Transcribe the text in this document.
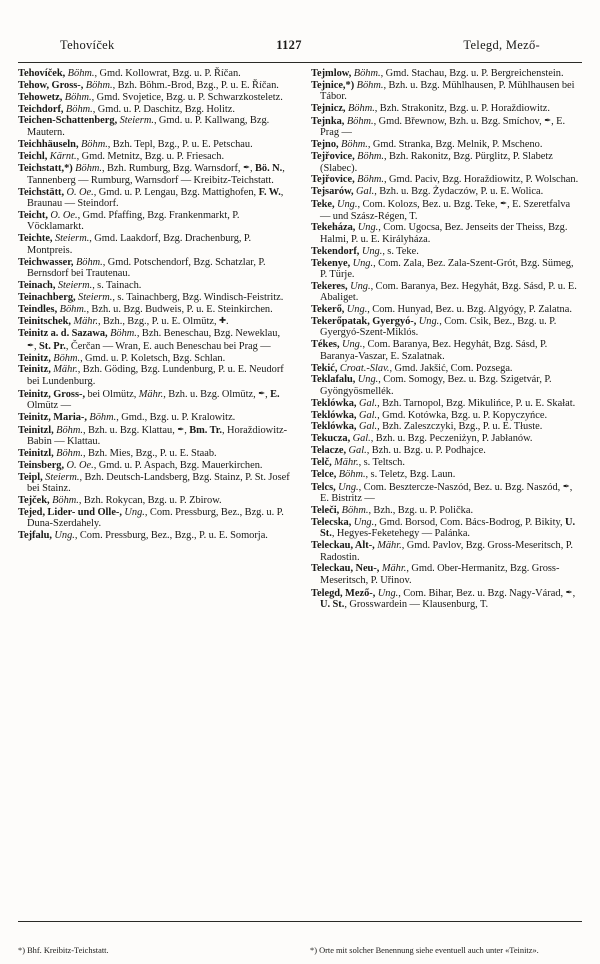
Tehovíček	1127	Telegd, Mező-

Tehovíček, Böhm., Gmd. Kollowrat, Bzg. u. P. Říčan.

Tehow, Gross-, Böhm., Bzh. Böhm.-Brod, Bzg., P. u. E. Říčan.

Tehowetz, Böhm., Gmd. Svojetice, Bzg. u. P. Schwarzkosteletz.

Teichdorf, Böhm., Gmd. u. P. Daschitz, Bzg. Holitz.

Teichen-Schattenberg, Steierm., Gmd. u. P. Kallwang, Bzg. Mautern.

Teichhäuseln, Böhm., Bzh. Tepl, Bzg., P. u. E. Petschau.

Teichl, Kärnt., Gmd. Metnitz, Bzg. u. P. Friesach.

Teichstatt,*) Böhm., Bzh. Rumburg, Bzg. Warnsdorf, ✒, Bö. N., Tannenberg — Rumburg, Warnsdorf — Kreibitz-Teichstatt.

Teichstätt, O. Oe., Gmd. u. P. Lengau, Bzg. Mattighofen, F. W., Braunau — Steindorf.

Teicht, O. Oe., Gmd. Pfaffing, Bzg. Frankenmarkt, P. Vöcklamarkt.

Teichte, Steierm., Gmd. Laakdorf, Bzg. Drachenburg, P. Montpreis.

Teichwasser, Böhm., Gmd. Potschendorf, Bzg. Schatzlar, P. Bernsdorf bei Trautenau.

Teinach, Steierm., s. Tainach.

Teinachberg, Steierm., s. Tainachberg, Bzg. Windisch-Feistritz.

Teindles, Böhm., Bzh. u. Bzg. Budweis, P. u. E. Steinkirchen.

Teinitschek, Mähr., Bzh., Bzg., P. u. E. Olmütz, ✚.

Teinitz a. d. Sazawa, Böhm., Bzh. Beneschau, Bzg. Neweklau, ✒, St. Pr., Čerčan — Wran, E. auch Beneschau bei Prag —

Teinitz, Böhm., Gmd. u. P. Koletsch, Bzg. Schlan.

Teinitz, Mähr., Bzh. Göding, Bzg. Lundenburg, P. u. E. Neudorf bei Lundenburg.

Teinitz, Gross-, bei Olmütz, Mähr., Bzh. u. Bzg. Olmütz, ✒, E. Olmütz —

Teinitz, Maria-, Böhm., Gmd., Bzg. u. P. Kralowitz.

Teinitzl, Böhm., Bzh. u. Bzg. Klattau, ✒, Bm. Tr., Horaždiowitz-Babin — Klattau.

Teinitzl, Böhm., Bzh. Mies, Bzg., P. u. E. Staab.

Teinsberg, O. Oe., Gmd. u. P. Aspach, Bzg. Mauerkirchen.

Teipl, Steierm., Bzh. Deutsch-Landsberg, Bzg. Stainz, P. St. Josef bei Stainz.

Tejček, Böhm., Bzh. Rokycan, Bzg. u. P. Zbirow.

Tejed, Lider- und Olle-, Ung., Com. Pressburg, Bez., Bzg. u. P. Duna-Szerdahely.

Tejfalu, Ung., Com. Pressburg, Bez., Bzg., P. u. E. Somorja.

Tejmlow, Böhm., Gmd. Stachau, Bzg. u. P. Bergreichenstein.

Tejnice,*) Böhm., Bzh. u. Bzg. Mühlhausen, P. Mühlhausen bei Tábor.

Tejnicz, Böhm., Bzh. Strakonitz, Bzg. u. P. Horaždiowitz.

Tejnka, Böhm., Gmd. Břewnow, Bzh. u. Bzg. Smíchov, ✒, E. Prag —

Tejno, Böhm., Gmd. Stranka, Bzg. Melnik, P. Mscheno.

Tejřovice, Böhm., Bzh. Rakonitz, Bzg. Pürglitz, P. Slabetz (Slabec).

Tejřovice, Böhm., Gmd. Paciv, Bzg. Horaždiowitz, P. Wolschan.

Tejsarów, Gal., Bzh. u. Bzg. Żydaczów, P. u. E. Wolica.

Teke, Ung., Com. Kolozs, Bez. u. Bzg. Teke, ✒, E. Szeretfalva — und Szász-Régen, T.

Tekeháza, Ung., Com. Ugocsa, Bez. Jenseits der Theiss, Bzg. Halmi, P. u. E. Királyháza.

Tekendorf, Ung., s. Teke.

Tekenye, Ung., Com. Zala, Bez. Zala-Szent-Grót, Bzg. Sümeg, P. Türje.

Tekeres, Ung., Com. Baranya, Bez. Hegyhát, Bzg. Sásd, P. u. E. Abaliget.

Tekerő, Ung., Com. Hunyad, Bez. u. Bzg. Algyógy, P. Zalatna.

Tekerőpatak, Gyergyó-, Ung., Com. Csik, Bez., Bzg. u. P. Gyergyó-Szent-Miklós.

Tékes, Ung., Com. Baranya, Bez. Hegyhát, Bzg. Sásd, P. Baranya-Vaszar, E. Szalatnak.

Tekić, Croat.-Slav., Gmd. Jakšić, Com. Pozsega.

Teklafalu, Ung., Com. Somogy, Bez. u. Bzg. Szigetvár, P. Gyöngyösmellék.

Teklówka, Gal., Bzh. Tarnopol, Bzg. Mikulińce, P. u. E. Skałat.

Teklówka, Gal., Gmd. Kotówka, Bzg. u. P. Kopyczyńce.

Teklówka, Gal., Bzh. Zaleszczyki, Bzg., P. u. E. Tłuste.

Tekucza, Gal., Bzh. u. Bzg. Peczeniżyn, P. Jabłanów.

Telacze, Gal., Bzh. u. Bzg. u. P. Podhajce.

Telč, Mähr., s. Teltsch.

Telce, Böhm., s. Teletz, Bzg. Laun.

Telcs, Ung., Com. Besztercze-Naszód, Bez. u. Bzg. Naszód, ✒, E. Bistritz —

Teleči, Böhm., Bzh., Bzg. u. P. Polička.

Telecska, Ung., Gmd. Borsod, Com. Bács-Bodrog, P. Bikity, U. St., Hegyes-Feketehegy — Palánka.

Teleckau, Alt-, Mähr., Gmd. Pavlov, Bzg. Gross-Meseritsch, P. Radostin.

Teleckau, Neu-, Mähr., Gmd. Ober-Hermanitz, Bzg. Gross-Meseritsch, P. Uřinov.

Telegd, Mező-, Ung., Com. Bihar, Bez. u. Bzg. Nagy-Várad, ✒, U. St., Grosswardein — Klausenburg, T.

*) Bhf. Kreibitz-Teichstatt.	*) Orte mit solcher Benennung siehe eventuell auch unter «Teinitz».
